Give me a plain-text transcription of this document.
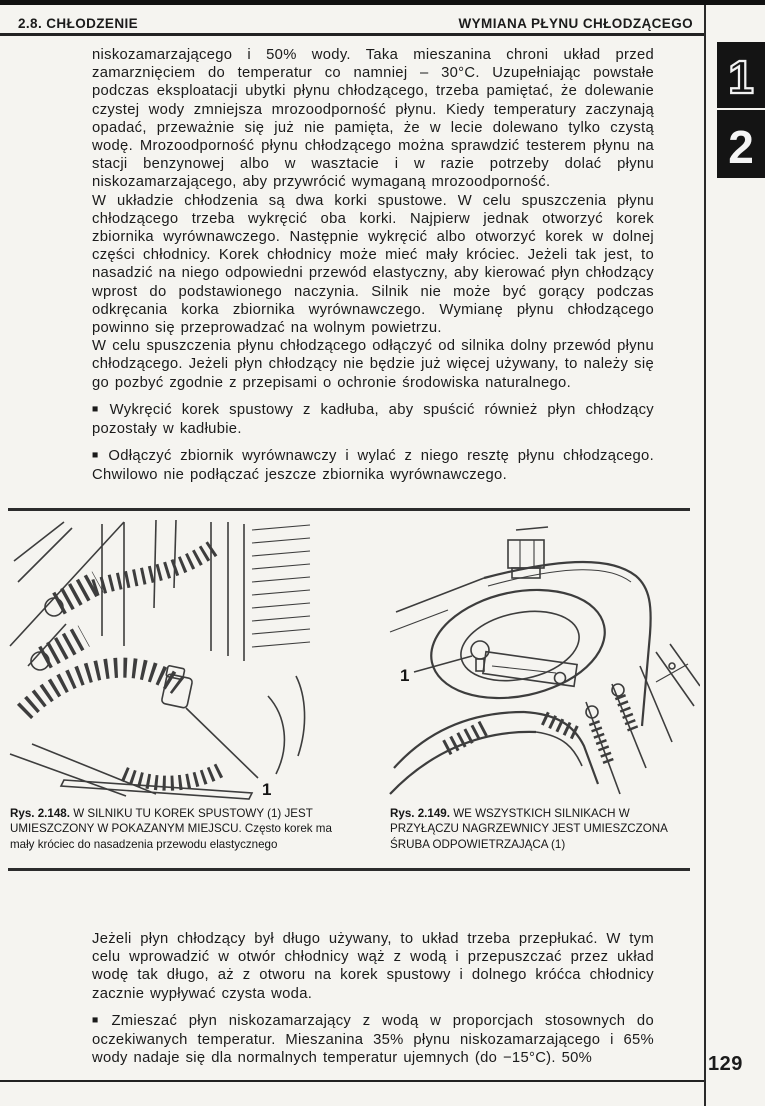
2.8. CHŁODZENIE	WYMIANA PŁYNU CHŁODZĄCEGO
1
2

niskozamarzającego i 50% wody. Taka mieszanina chroni układ przed zamarznięciem do temperatur co namniej – 30°C. Uzupełniając powstałe podczas eksploatacji ubytki płynu chłodzącego, trzeba pamiętać, że dolewanie czystej wody zmniejsza mrozoodporność płynu. Kiedy temperatury zaczynają opadać, przeważnie się już nie pamięta, że w lecie dolewano tylko czystą wodę. Mrozoodporność płynu chłodzącego można sprawdzić testerem płynu na stacji benzynowej albo w wasztacie i w razie potrzeby dolać płynu niskozamarzającego, aby przywrócić wymaganą mrozoodporność.

W układzie chłodzenia są dwa korki spustowe. W celu spuszczenia płynu chłodzącego trzeba wykręcić oba korki. Najpierw jednak otworzyć korek zbiornika wyrównawczego. Następnie wykręcić albo otworzyć korek w dolnej części chłodnicy. Korek chłodnicy może mieć mały króciec. Jeżeli tak jest, to nasadzić na niego odpowiedni przewód elastyczny, aby kierować płyn chłodzący wprost do podstawionego naczynia. Silnik nie może być gorący podczas odkręcania korka zbiornika wyrównawczego. Wymianę płynu chłodzącego powinno się przeprowadzać na wolnym powietrzu.

W celu spuszczenia płynu chłodzącego odłączyć od silnika dolny przewód płynu chłodzącego. Jeżeli płyn chłodzący nie będzie już więcej używany, to należy się go pozbyć zgodnie z przepisami o ochronie środowiska naturalnego.

■ Wykręcić korek spustowy z kadłuba, aby spuścić również płyn chłodzący pozostały w kadłubie.

■ Odłączyć zbiornik wyrównawczy i wylać z niego resztę płynu chłodzącego. Chwilowo nie podłączać jeszcze zbiornika wyrównawczego.

1
1
Rys. 2.148. W SILNIKU TU KOREK SPUSTOWY (1) JEST UMIESZCZONY W POKAZANYM MIEJSCU. Często korek ma mały króciec do nasadzenia przewodu elastycznego
Rys. 2.149. WE WSZYSTKICH SILNIKACH W PRZYŁĄCZU NAGRZEWNICY JEST UMIESZCZONA ŚRUBA ODPOWIETRZAJĄCA (1)

Jeżeli płyn chłodzący był długo używany, to układ trzeba przepłukać. W tym celu wprowadzić w otwór chłodnicy wąż z wodą i przepuszczać przez układ wodę tak długo, aż z otworu na korek spustowy i dolnego króćca chłodnicy zacznie wypływać czysta woda.

■ Zmieszać płyn niskozamarzający z wodą w proporcjach stosownych do oczekiwanych temperatur. Mieszanina 35% płynu niskozamarzającego i 65% wody nadaje się dla normalnych temperatur ujemnych (do −15°C). 50%	129
